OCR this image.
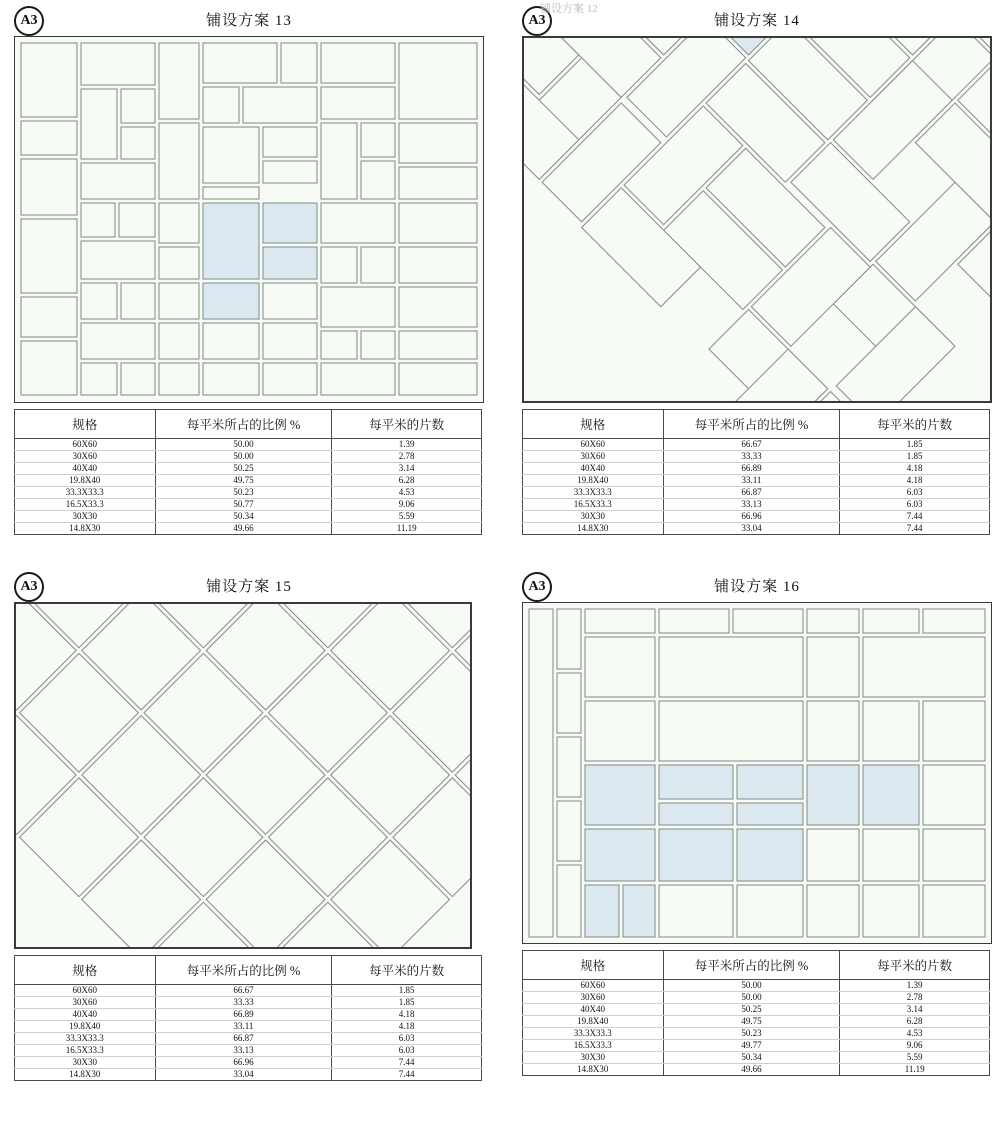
A3	铺设方案 13
规格	每平米所占的比例 %	每平米的片数
60X60	50.00	1.39
30X60	50.00	2.78
40X40	50.25	3.14
19.8X40	49.75	6.28
33.3X33.3	50.23	4.53
16.5X33.3	50.77	9.06
30X30	50.34	5.59
14.8X30	49.66	11.19
A3
铺设方案 12
铺设方案 14
规格	每平米所占的比例 %	每平米的片数
60X60	66.67	1.85
30X60	33.33	1.85
40X40	66.89	4.18
19.8X40	33.11	4.18
33.3X33.3	66.87	6.03
16.5X33.3	33.13	6.03
30X30	66.96	7.44
14.8X30	33.04	7.44
A3	铺设方案 15
规格	每平米所占的比例 %	每平米的片数
60X60	66.67	1.85
30X60	33.33	1.85
40X40	66.89	4.18
19.8X40	33.11	4.18
33.3X33.3	66.87	6.03
16.5X33.3	33.13	6.03
30X30	66.96	7.44
14.8X30	33.04	7.44
A3	铺设方案 16
规格	每平米所占的比例 %	每平米的片数
60X60	50.00	1.39
30X60	50.00	2.78
40X40	50.25	3.14
19.8X40	49.75	6.28
33.3X33.3	50.23	4.53
16.5X33.3	49.77	9.06
30X30	50.34	5.59
14.8X30	49.66	11.19
